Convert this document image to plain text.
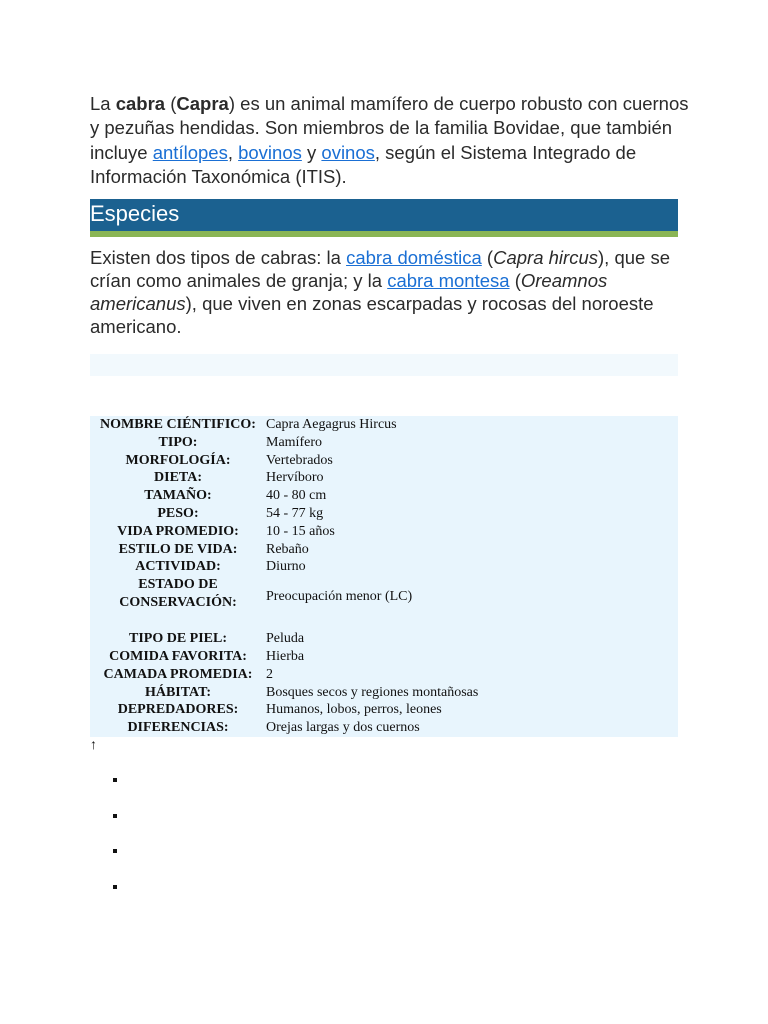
La cabra (Capra) es un animal mamífero de cuerpo robusto con cuernos y pezuñas hendidas. Son miembros de la familia Bovidae, que también incluye antílopes, bovinos y ovinos, según el Sistema Integrado de Información Taxonómica (ITIS).

Especies

Existen dos tipos de cabras: la cabra doméstica (Capra hircus), que se crían como animales de granja; y la cabra montesa (Oreamnos americanus), que viven en zonas escarpadas y rocosas del noroeste americano.

NOMBRE CIÉNTIFICO:	Capra Aegagrus Hircus
TIPO:	Mamífero
MORFOLOGÍA:	Vertebrados
DIETA:	Hervíboro
TAMAÑO:	40 - 80 cm
PESO:	54 - 77 kg
VIDA PROMEDIO:	10 - 15 años
ESTILO DE VIDA:	Rebaño
ACTIVIDAD:	Diurno
ESTADO DE CONSERVACIÓN:	Preocupación menor (LC)
TIPO DE PIEL:	Peluda
COMIDA FAVORITA:	Hierba
CAMADA PROMEDIA:	2
HÁBITAT:	Bosques secos y regiones montañosas
DEPREDADORES:	Humanos, lobos, perros, leones
DIFERENCIAS:	Orejas largas y dos cuernos
↑
